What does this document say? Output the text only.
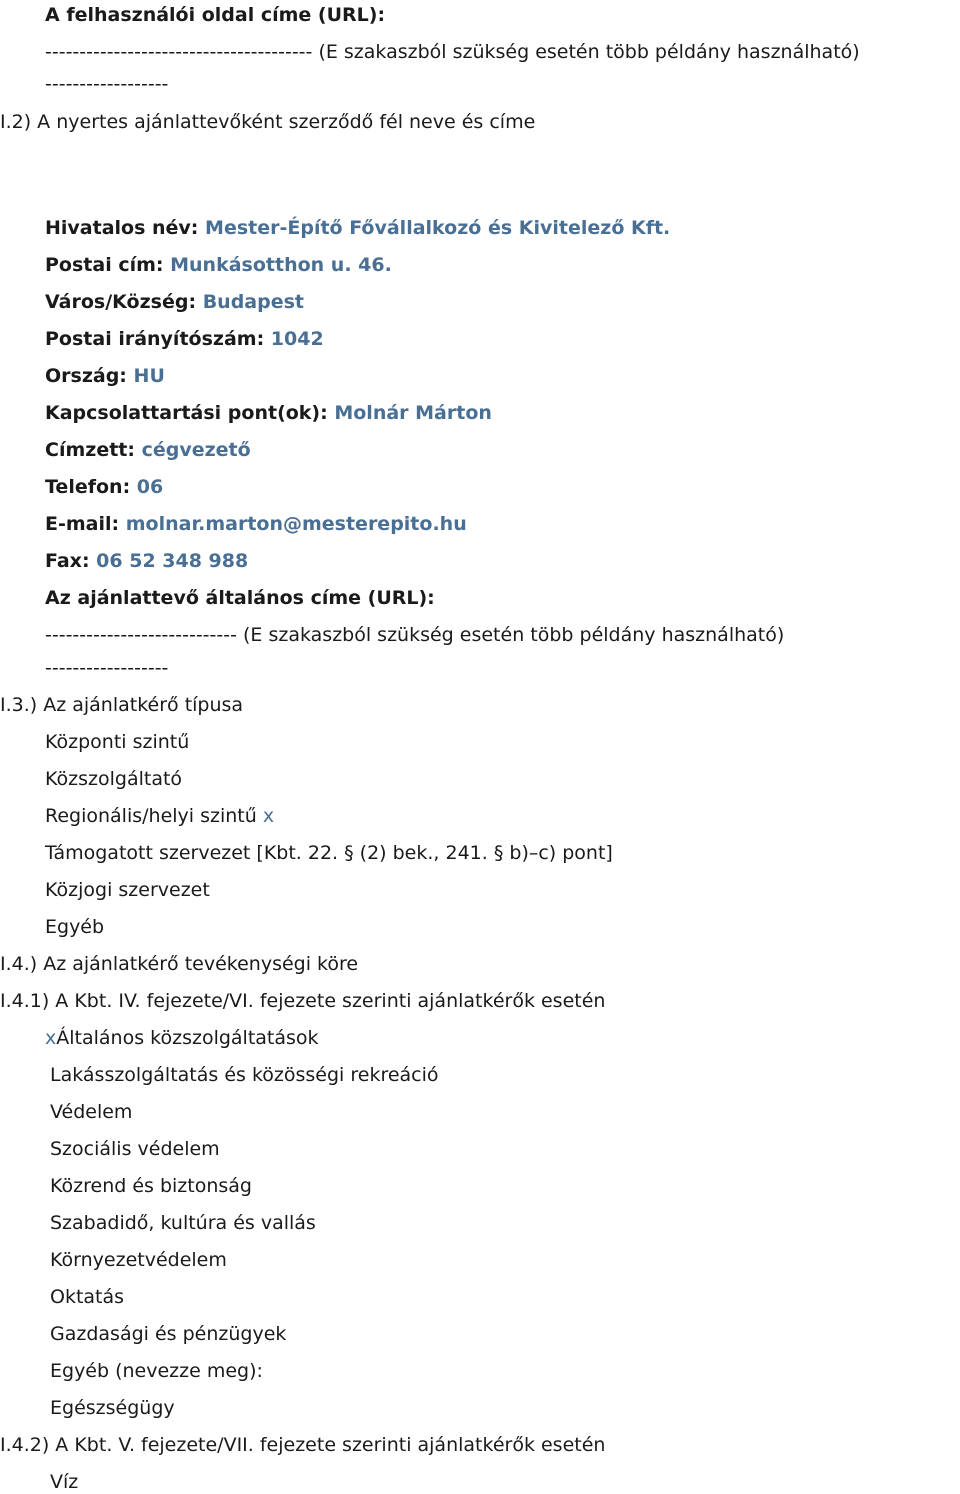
A felhasználói oldal címe (URL):
--------------------------------------- (E szakaszból szükség esetén több példány használható)
------------------
I.2) A nyertes ajánlattevőként szerződő fél neve és címe
Hivatalos név: Mester-Építő Fővállalkozó és Kivitelező Kft.
Postai cím: Munkásotthon u. 46.
Város/Község: Budapest
Postai irányítószám: 1042
Ország: HU
Kapcsolattartási pont(ok): Molnár Márton
Címzett: cégvezető
Telefon: 06
E-mail: molnar.marton@mesterepito.hu
Fax: 06 52 348 988
Az ajánlattevő általános címe (URL):
---------------------------- (E szakaszból szükség esetén több példány használható)
------------------
I.3.) Az ajánlatkérő típusa
Központi szintű
Közszolgáltató
Regionális/helyi szintű x
Támogatott szervezet [Kbt. 22. § (2) bek., 241. § b)–c) pont]
Közjogi szervezet
Egyéb
I.4.) Az ajánlatkérő tevékenységi köre
I.4.1) A Kbt. IV. fejezete/VI. fejezete szerinti ajánlatkérők esetén
xÁltalános közszolgáltatások
Lakásszolgáltatás és közösségi rekreáció
Védelem
Szociális védelem
Közrend és biztonság
Szabadidő, kultúra és vallás
Környezetvédelem
Oktatás
Gazdasági és pénzügyek
Egyéb (nevezze meg):
Egészségügy
I.4.2) A Kbt. V. fejezete/VII. fejezete szerinti ajánlatkérők esetén
Víz
